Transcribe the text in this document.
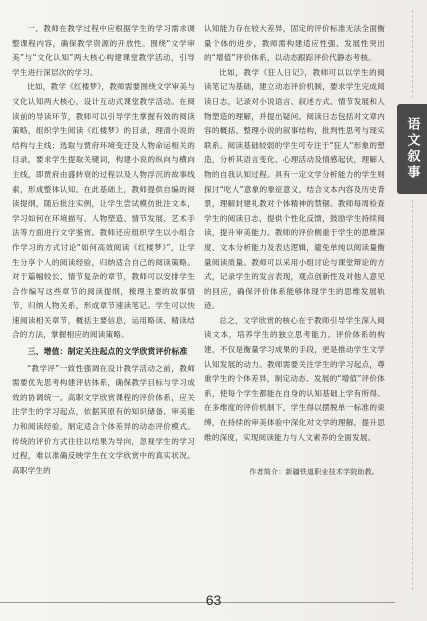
一、教师在教学过程中应根据学生的学习需求调整课程内容，确保教学资源的开放性。围绕“文学审美”与“文化认知”两大核心构建课堂教学活动，引导学生进行深层次的学习。

比如，教学《红楼梦》，教师需要围绕文学审美与文化认知两大核心，设计互动式课堂教学活动。在阅读前的导读环节，教师可以引导学生掌握有效的阅读策略，组织学生阅读《红楼梦》的目录，理清小说的结构与主线；选取与贾府环境变迁及人物命运相关的目录，要求学生提取关键词，构建小说的纵向与横向主线，即贾府由盛转衰的过程以及人物浮沉的故事线索，形成整体认知。在此基础上，教师提供自编的阅读提纲，随后批注实例，让学生尝试模仿批注文本，学习如何在环境描写、人物塑造、情节发展、艺术手法等方面进行文学鉴赏。教师还应组织学生以小组合作学习的方式讨论“如何高效阅读《红楼梦》”，让学生分享个人的阅读经验，归纳适合自己的阅读策略。对于篇幅较长、情节复杂的章节，教师可以安排学生合作编写这些章节的阅读提纲，梳理主要的故事情节，归纳人物关系，形成章节速读笔记。学生可以快速阅读相关章节，概括主要信息，运用略读、精读结合的方法，掌握相应的阅读策略。

三、增值：制定关注起点的文学欣赏评价标准

“教学评”一致性强调在设计教学活动之前，教师需要优先思考构建评估体系，确保教学目标与学习成效的协调统一。高职文学欣赏课程的评价体系，应关注学生的学习起点，依据其原有的知识储备、审美能力和阅读经验，制定适合个体差异的动态评价模式。传统的评价方式往往以结果为导向，忽视学生的学习过程，难以准确反映学生在文学欣赏中的真实状况。高职学生的

认知能力存在较大差异，固定的评价标准无法全面衡量个体的进步，教师需构建适应性强、发展性突出的“增值”评价体系，以动态跟踪评价代静态考核。

比如，教学《狂人日记》，教师可以以学生的阅读笔记为基础，建立动态评价机制，要求学生完成阅读日志，记录对小说语言、叙述方式、情节发展和人物塑造的理解，并提出疑问。阅读日志包括对文章内容的概括、整理小说的叙事结构，批判性思考与现实联系。阅读基础较弱的学生可专注于“狂人”形象的塑造，分析其语言变化、心理活动及情感起伏，理解人物的自我认知过程。具有一定文学分析能力的学生则探讨“吃人”意象的象征意义，结合文本内容及历史背景，理解封建礼教对个体精神的禁锢。教师每周检查学生的阅读日志，提供个性化反馈，鼓励学生持续阅读，提升审美能力。教师的评价侧重于学生的思维深度、文本分析能力及表达逻辑，避免单纯以阅读量衡量阅读质量。教师可以采用小组讨论与课堂辩论的方式，记录学生的发言表现，观点创新性及对他人意见的回应，确保评价体系能够体现学生的思维发展轨迹。

总之，文学欣赏的核心在于教师引导学生深入阅读文本，培养学生的独立思考能力。评价体系的构建，不仅是衡量学习成果的手段，更是推动学生文学认知发展的动力。教师需要关注学生的学习起点，尊重学生的个体差异，制定动态、发展的“增值”评价体系，使每个学生都能在自身的认知基础上学有所得。在多维度的评价机制下，学生得以摆脱单一标准的束缚，在持续的审美体验中深化对文学的理解，提升思维的深度，实现阅读能力与人文素养的全面发展。

作者简介：新疆铁道职业技术学院助教。
语文叙事
63
